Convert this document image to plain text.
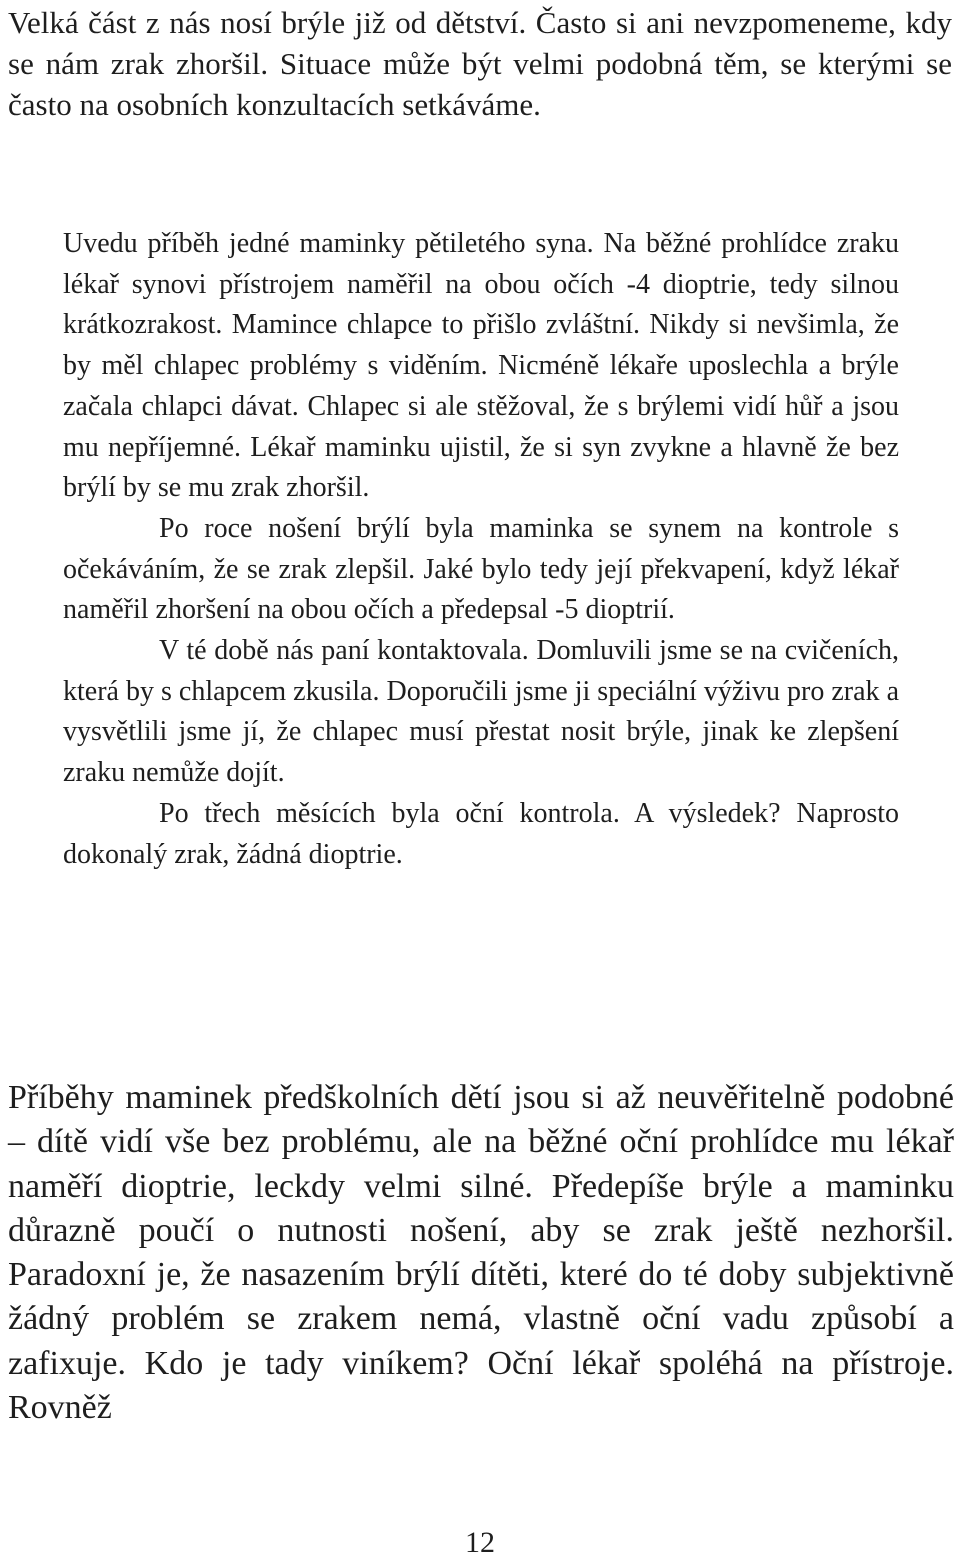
Velká část z nás nosí brýle již od dětství. Často si ani nevzpomeneme, kdy se nám zrak zhoršil. Situace může být velmi podobná těm, se kterými se často na osobních konzultacích setkáváme.

Uvedu příběh jedné maminky pětiletého syna. Na běžné prohlídce zraku lékař synovi přístrojem naměřil na obou očích -4 dioptrie, tedy silnou krátkozrakost. Mamince chlapce to přišlo zvláštní. Nikdy si nevšimla, že by měl chlapec problémy s viděním. Nicméně lékaře uposlechla a brýle začala chlapci dávat. Chlapec si ale stěžoval, že s brýlemi vidí hůř a jsou mu nepříjemné. Lékař maminku ujistil, že si syn zvykne a hlavně že bez brýlí by se mu zrak zhoršil.

Po roce nošení brýlí byla maminka se synem na kontrole s očekáváním, že se zrak zlepšil. Jaké bylo tedy její překvapení, když lékař naměřil zhoršení na obou očích a předepsal -5 dioptrií.

V té době nás paní kontaktovala. Domluvili jsme se na cvičeních, která by s chlapcem zkusila. Doporučili jsme ji speciální výživu pro zrak a vysvětlili jsme jí, že chlapec musí přestat nosit brýle, jinak ke zlepšení zraku nemůže dojít.

Po třech měsících byla oční kontrola. A výsledek? Naprosto dokonalý zrak, žádná dioptrie.

Příběhy maminek předškolních dětí jsou si až neuvěřitelně podobné – dítě vidí vše bez problému, ale na běžné oční prohlídce mu lékař naměří dioptrie, leckdy velmi silné. Předepíše brýle a maminku důrazně poučí o nutnosti nošení, aby se zrak ještě nezhoršil. Paradoxní je, že nasazením brýlí dítěti, které do té doby subjektivně žádný problém se zrakem nemá, vlastně oční vadu způsobí a zafixuje. Kdo je tady viníkem? Oční lékař spoléhá na přístroje. Rovněž

12
